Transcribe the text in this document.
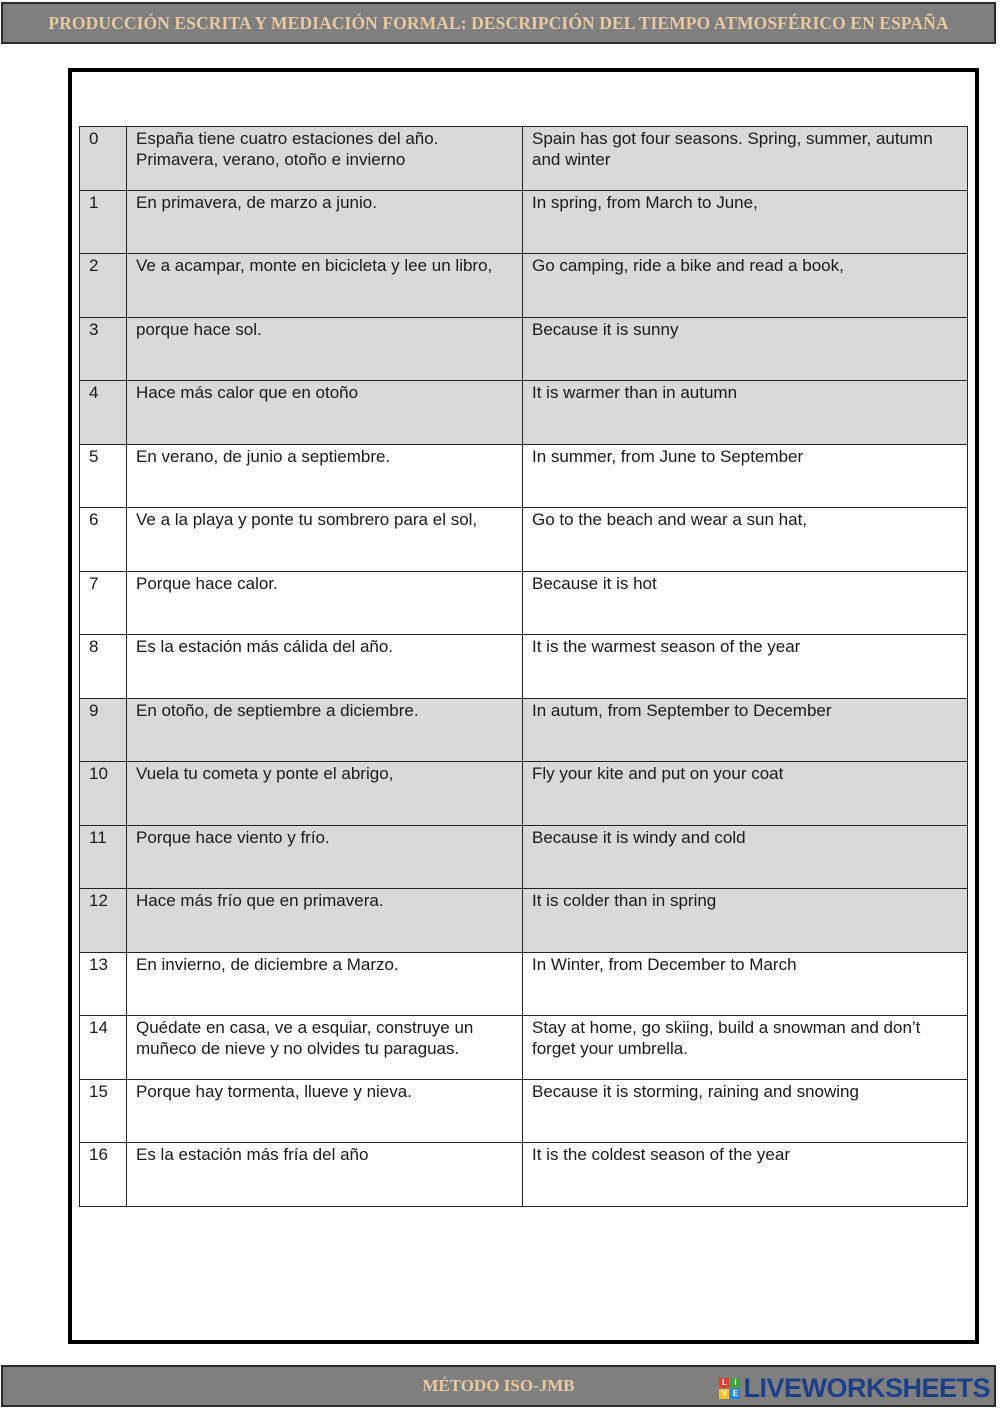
PRODUCCIÓN ESCRITA Y MEDIACIÓN FORMAL: DESCRIPCIÓN DEL TIEMPO ATMOSFÉRICO EN ESPAÑA
0	España tiene cuatro estaciones del año. Primavera, verano, otoño e invierno	Spain has got four seasons. Spring, summer, autumn and winter
1	En primavera, de marzo a junio.	In spring, from March to June,
2	Ve a acampar, monte en bicicleta y lee un libro,	Go camping, ride a bike and read a book,
3	porque hace sol.	Because it is sunny
4	Hace más calor que en otoño	It is warmer than in autumn
5	En verano, de junio a septiembre.	In summer, from June to September
6	Ve a la playa y ponte tu sombrero para el sol,	Go to the beach and wear a sun hat,
7	Porque hace calor.	Because it is hot
8	Es la estación más cálida del año.	It is the warmest season of the year
9	En otoño, de septiembre a diciembre.	In autum, from September to December
10	Vuela tu cometa y ponte el abrigo,	Fly your kite and put on your coat
11	Porque hace viento y frío.	Because it is windy and cold
12	Hace más frío que en primavera.	It is colder than in spring
13	En invierno, de diciembre a Marzo.	In Winter, from December to March
14	Quédate en casa, ve a esquiar, construye un muñeco de nieve y no olvides tu paraguas.	Stay at home, go skiing, build a snowman and don’t forget your umbrella.
15	Porque hay tormenta, llueve y nieva.	Because it is storming, raining and snowing
16	Es la estación más fría del año	It is the coldest season of the year
MÉTODO ISO-JMB	L I
V E LIVEWORKSHEETS
